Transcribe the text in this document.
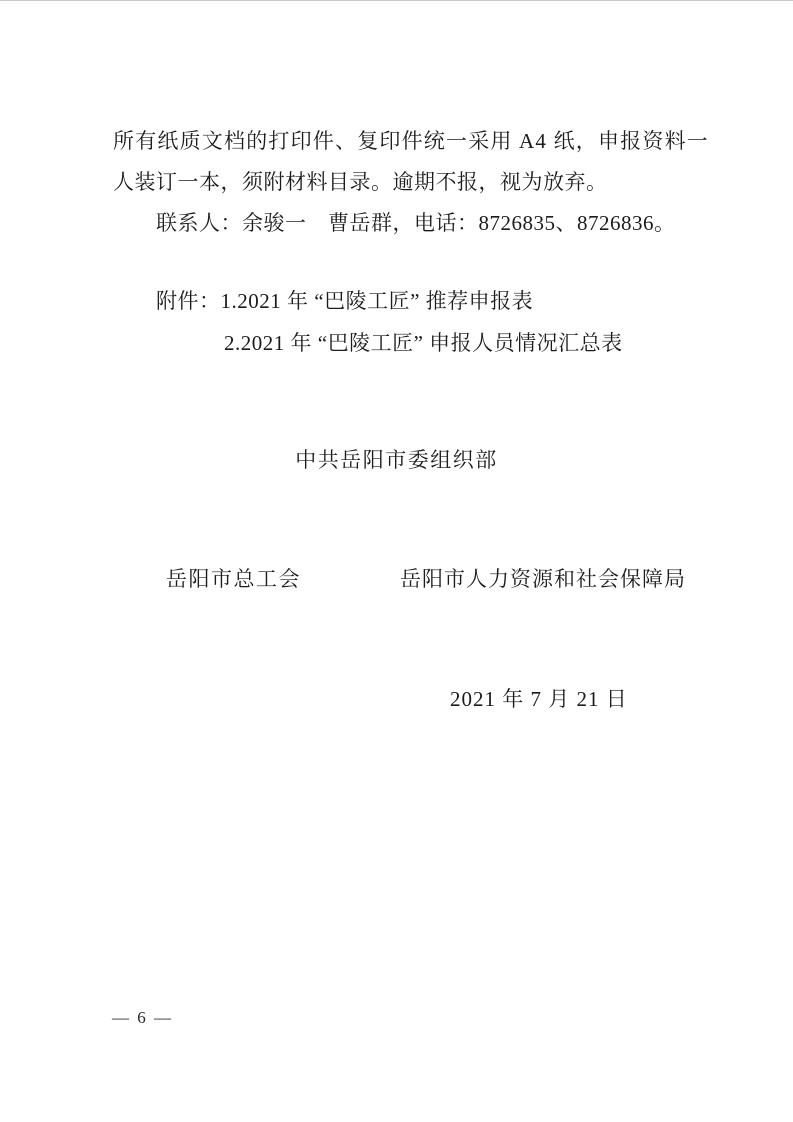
所有纸质文档的打印件、复印件统一采用 A4 纸，申报资料一
人装订一本，须附材料目录。逾期不报，视为放弃。
联系人：余骏一　曹岳群，电话：8726835、8726836。
附件：1.2021 年 “巴陵工匠” 推荐申报表
2.2021 年 “巴陵工匠” 申报人员情况汇总表
中共岳阳市委组织部
岳阳市总工会	岳阳市人力资源和社会保障局
2021 年 7 月 21 日
— 6 —
